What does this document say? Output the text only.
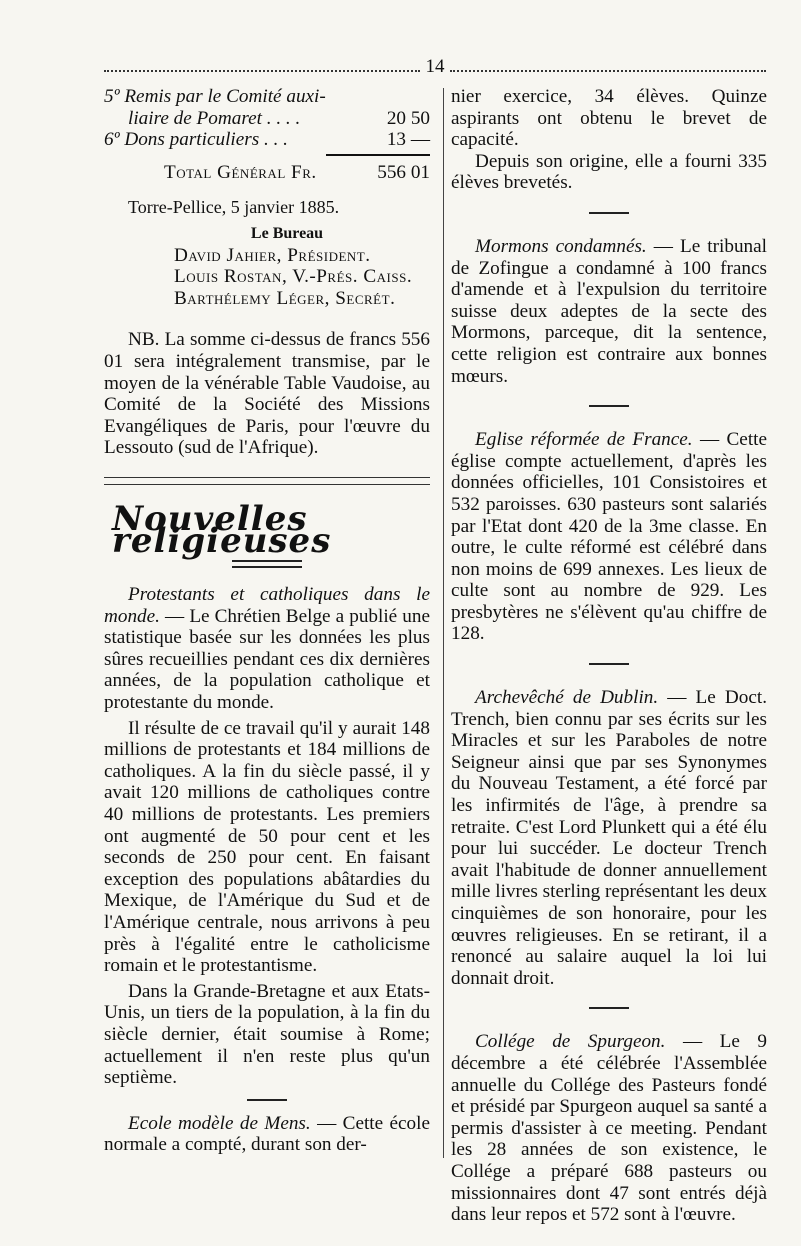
14
5º Remis par le Comité auxi-
liaire de Pomaret . . . .	20 50
6º Dons particuliers . . .	13 —
Total Général Fr.	556 01

Torre-Pellice, 5 janvier 1885.

Le Bureau

David Jahier, Président.

Louis Rostan, V.-Prés. Caiss.

Barthélemy Léger, Secrét.

NB. La somme ci-dessus de francs 556 01 sera intégralement transmise, par le moyen de la vénérable Table Vaudoise, au Comité de la Société des Missions Evangéliques de Paris, pour l'œuvre du Lessouto (sud de l'Afrique).

Nouvelles religieuses

Protestants et catholiques dans le monde. — Le Chrétien Belge a publié une statistique basée sur les données les plus sûres recueillies pendant ces dix dernières années, de la population catholique et protestante du monde.

Il résulte de ce travail qu'il y aurait 148 millions de protestants et 184 millions de catholiques. A la fin du siècle passé, il y avait 120 millions de catholiques contre 40 millions de protestants. Les premiers ont augmenté de 50 pour cent et les seconds de 250 pour cent. En faisant exception des populations abâtardies du Mexique, de l'Amérique du Sud et de l'Amérique centrale, nous arrivons à peu près à l'égalité entre le catholicisme romain et le protestantisme.

Dans la Grande-Bretagne et aux Etats-Unis, un tiers de la population, à la fin du siècle dernier, était soumise à Rome; actuellement il n'en reste plus qu'un septième.

Ecole modèle de Mens. — Cette école normale a compté, durant son der-

nier exercice, 34 élèves. Quinze aspirants ont obtenu le brevet de capacité.

Depuis son origine, elle a fourni 335 élèves brevetés.

Mormons condamnés. — Le tribunal de Zofingue a condamné à 100 francs d'amende et à l'expulsion du territoire suisse deux adeptes de la secte des Mormons, parceque, dit la sentence, cette religion est contraire aux bonnes mœurs.

Eglise réformée de France. — Cette église compte actuellement, d'après les données officielles, 101 Consistoires et 532 paroisses. 630 pasteurs sont salariés par l'Etat dont 420 de la 3me classe. En outre, le culte réformé est célébré dans non moins de 699 annexes. Les lieux de culte sont au nombre de 929. Les presbytères ne s'élèvent qu'au chiffre de 128.

Archevêché de Dublin. — Le Doct. Trench, bien connu par ses écrits sur les Miracles et sur les Paraboles de notre Seigneur ainsi que par ses Synonymes du Nouveau Testament, a été forcé par les infirmités de l'âge, à prendre sa retraite. C'est Lord Plunkett qui a été élu pour lui succéder. Le docteur Trench avait l'habitude de donner annuellement mille livres sterling représentant les deux cinquièmes de son honoraire, pour les œuvres religieuses. En se retirant, il a renoncé au salaire auquel la loi lui donnait droit.

Collége de Spurgeon. — Le 9 décembre a été célébrée l'Assemblée annuelle du Collége des Pasteurs fondé et présidé par Spurgeon auquel sa santé a permis d'assister à ce meeting. Pendant les 28 années de son existence, le Collége a préparé 688 pasteurs ou missionnaires dont 47 sont entrés déjà dans leur repos et 572 sont à l'œuvre.
